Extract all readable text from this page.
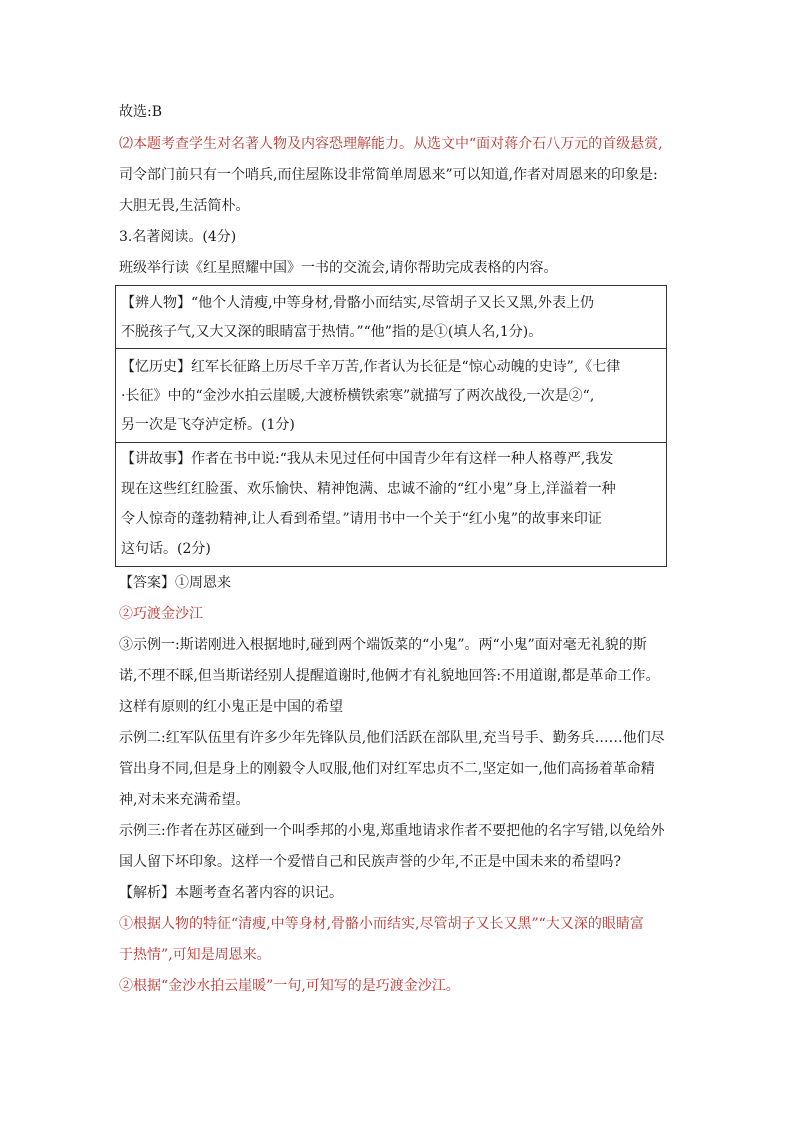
故选:B
⑵本题考查学生对名著人物及内容恐理解能力。从选文中“面对蒋介石八万元的首级悬赏,
司令部门前只有一个哨兵,而住屋陈设非常简单周恩来”可以知道,作者对周恩来的印象是:
大胆无畏,生活简朴。
3.名著阅读。(4分)
班级举行读《红星照耀中国》一书的交流会,请你帮助完成表格的内容。
【辨人物】“他个人清瘦,中等身材,骨骼小而结实,尽管胡子又长又黑,外表上仍
不脱孩子气,又大又深的眼睛富于热情。”“他”指的是①(填人名,1分)。
【忆历史】红军长征路上历尽千辛万苦,作者认为长征是“惊心动魄的史诗”,《七律
·长征》中的“金沙水拍云崖暖,大渡桥横铁索寒”就描写了两次战役,一次是②“,
另一次是飞夺泸定桥。(1分)
【讲故事】作者在书中说:“我从未见过任何中国青少年有这样一种人格尊严,我发
现在这些红红脸蛋、欢乐愉快、精神饱满、忠诚不渝的“红小鬼”身上,洋溢着一种
令人惊奇的蓬勃精神,让人看到希望。”请用书中一个关于“红小鬼”的故事来印证
这句话。(2分)
【答案】①周恩来
②巧渡金沙江
③示例一:斯诺刚进入根据地时,碰到两个端饭菜的“小鬼”。两“小鬼”面对毫无礼貌的斯
诺,不理不睬,但当斯诺经别人提醒道谢时,他俩才有礼貌地回答:不用道谢,都是革命工作。
这样有原则的红小鬼正是中国的希望
示例二:红军队伍里有许多少年先锋队员,他们活跃在部队里,充当号手、勤务兵……他们尽
管出身不同,但是身上的刚毅令人叹服,他们对红军忠贞不二,坚定如一,他们高扬着革命精
神,对未来充满希望。
示例三:作者在苏区碰到一个叫季邦的小鬼,郑重地请求作者不要把他的名字写错,以免给外
国人留下坏印象。这样一个爱惜自己和民族声誉的少年,不正是中国未来的希望吗?
【解析】本题考查名著内容的识记。
①根据人物的特征“清瘦,中等身材,骨骼小而结实,尽管胡子又长又黑”“大又深的眼睛富
于热情”,可知是周恩来。
②根据“金沙水拍云崖暖”一句,可知写的是巧渡金沙江。
